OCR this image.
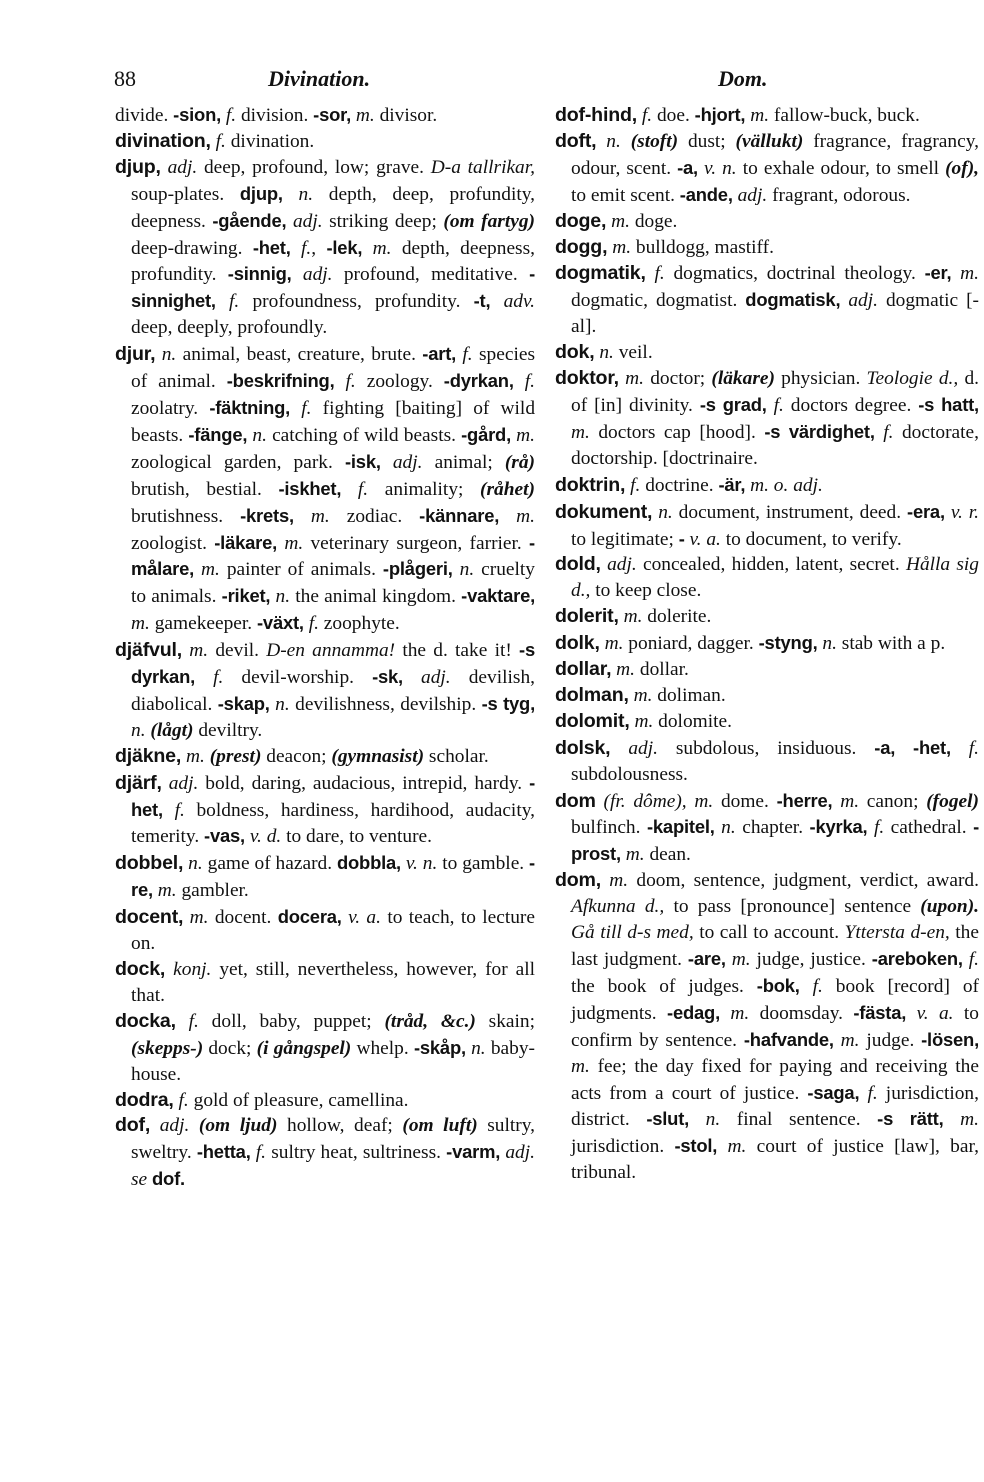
88	Divination.	Dom.

divide. -sion, f. division. -sor, m. divisor.

divination, f. divination.

djup, adj. deep, profound, low; grave. D-a tallrikar, soup-plates. djup, n. depth, deep, profundity, deepness. -gående, adj. striking deep; (om fartyg) deep-drawing. -het, f., -lek, m. depth, deepness, profundity. -sinnig, adj. profound, meditative. -sinnighet, f. profoundness, profundity. -t, adv. deep, deeply, profoundly.

djur, n. animal, beast, creature, brute. -art, f. species of animal. -beskrifning, f. zoology. -dyrkan, f. zoolatry. -fäktning, f. fighting [baiting] of wild beasts. -fänge, n. catching of wild beasts. -gård, m. zoological garden, park. -isk, adj. animal; (rå) brutish, bestial. -iskhet, f. animality; (råhet) brutishness. -krets, m. zodiac. -kännare, m. zoologist. -läkare, m. veterinary surgeon, farrier. -målare, m. painter of animals. -plågeri, n. cruelty to animals. -riket, n. the animal kingdom. -vaktare, m. gamekeeper. -växt, f. zoophyte.

djäfvul, m. devil. D-en annamma! the d. take it! -s dyrkan, f. devil-worship. -sk, adj. devilish, diabolical. -skap, n. devilishness, devilship. -s tyg, n. (lågt) deviltry.

djäkne, m. (prest) deacon; (gymnasist) scholar.

djärf, adj. bold, daring, audacious, intrepid, hardy. -het, f. boldness, hardiness, hardihood, audacity, temerity. -vas, v. d. to dare, to venture.

dobbel, n. game of hazard. dobbla, v. n. to gamble. -re, m. gambler.

docent, m. docent. docera, v. a. to teach, to lecture on.

dock, konj. yet, still, nevertheless, however, for all that.

docka, f. doll, baby, puppet; (tråd, &c.) skain; (skepps-) dock; (i gångspel) whelp. -skåp, n. baby-house.

dodra, f. gold of pleasure, camellina.

dof, adj. (om ljud) hollow, deaf; (om luft) sultry, sweltry. -hetta, f. sultry heat, sultriness. -varm, adj. se dof.

dof-hind, f. doe. -hjort, m. fallow-buck, buck.

doft, n. (stoft) dust; (vällukt) fragrance, fragrancy, odour, scent. -a, v. n. to exhale odour, to smell (of), to emit scent. -ande, adj. fragrant, odorous.

doge, m. doge.

dogg, m. bulldogg, mastiff.

dogmatik, f. dogmatics, doctrinal theology. -er, m. dogmatic, dogmatist. dogmatisk, adj. dogmatic [-al].

dok, n. veil.

doktor, m. doctor; (läkare) physician. Teologie d., d. of [in] divinity. -s grad, f. doctors degree. -s hatt, m. doctors cap [hood]. -s värdighet, f. doctorate, doctorship. [doctrinaire.

doktrin, f. doctrine. -är, m. o. adj.

dokument, n. document, instrument, deed. -era, v. r. to legitimate; - v. a. to document, to verify.

dold, adj. concealed, hidden, latent, secret. Hålla sig d., to keep close.

dolerit, m. dolerite.

dolk, m. poniard, dagger. -styng, n. stab with a p.

dollar, m. dollar.

dolman, m. doliman.

dolomit, m. dolomite.

dolsk, adj. subdolous, insiduous. -a, -het, f. subdolousness.

dom (fr. dôme), m. dome. -herre, m. canon; (fogel) bulfinch. -kapitel, n. chapter. -kyrka, f. cathedral. -prost, m. dean.

dom, m. doom, sentence, judgment, verdict, award. Afkunna d., to pass [pronounce] sentence (upon). Gå till d-s med, to call to account. Yttersta d-en, the last judgment. -are, m. judge, justice. -areboken, f. the book of judges. -bok, f. book [record] of judgments. -edag, m. doomsday. -fästa, v. a. to confirm by sentence. -hafvande, m. judge. -lösen, m. fee; the day fixed for paying and receiving the acts from a court of justice. -saga, f. jurisdiction, district. -slut, n. final sentence. -s rätt, m. jurisdiction. -stol, m. court of justice [law], bar, tribunal.
